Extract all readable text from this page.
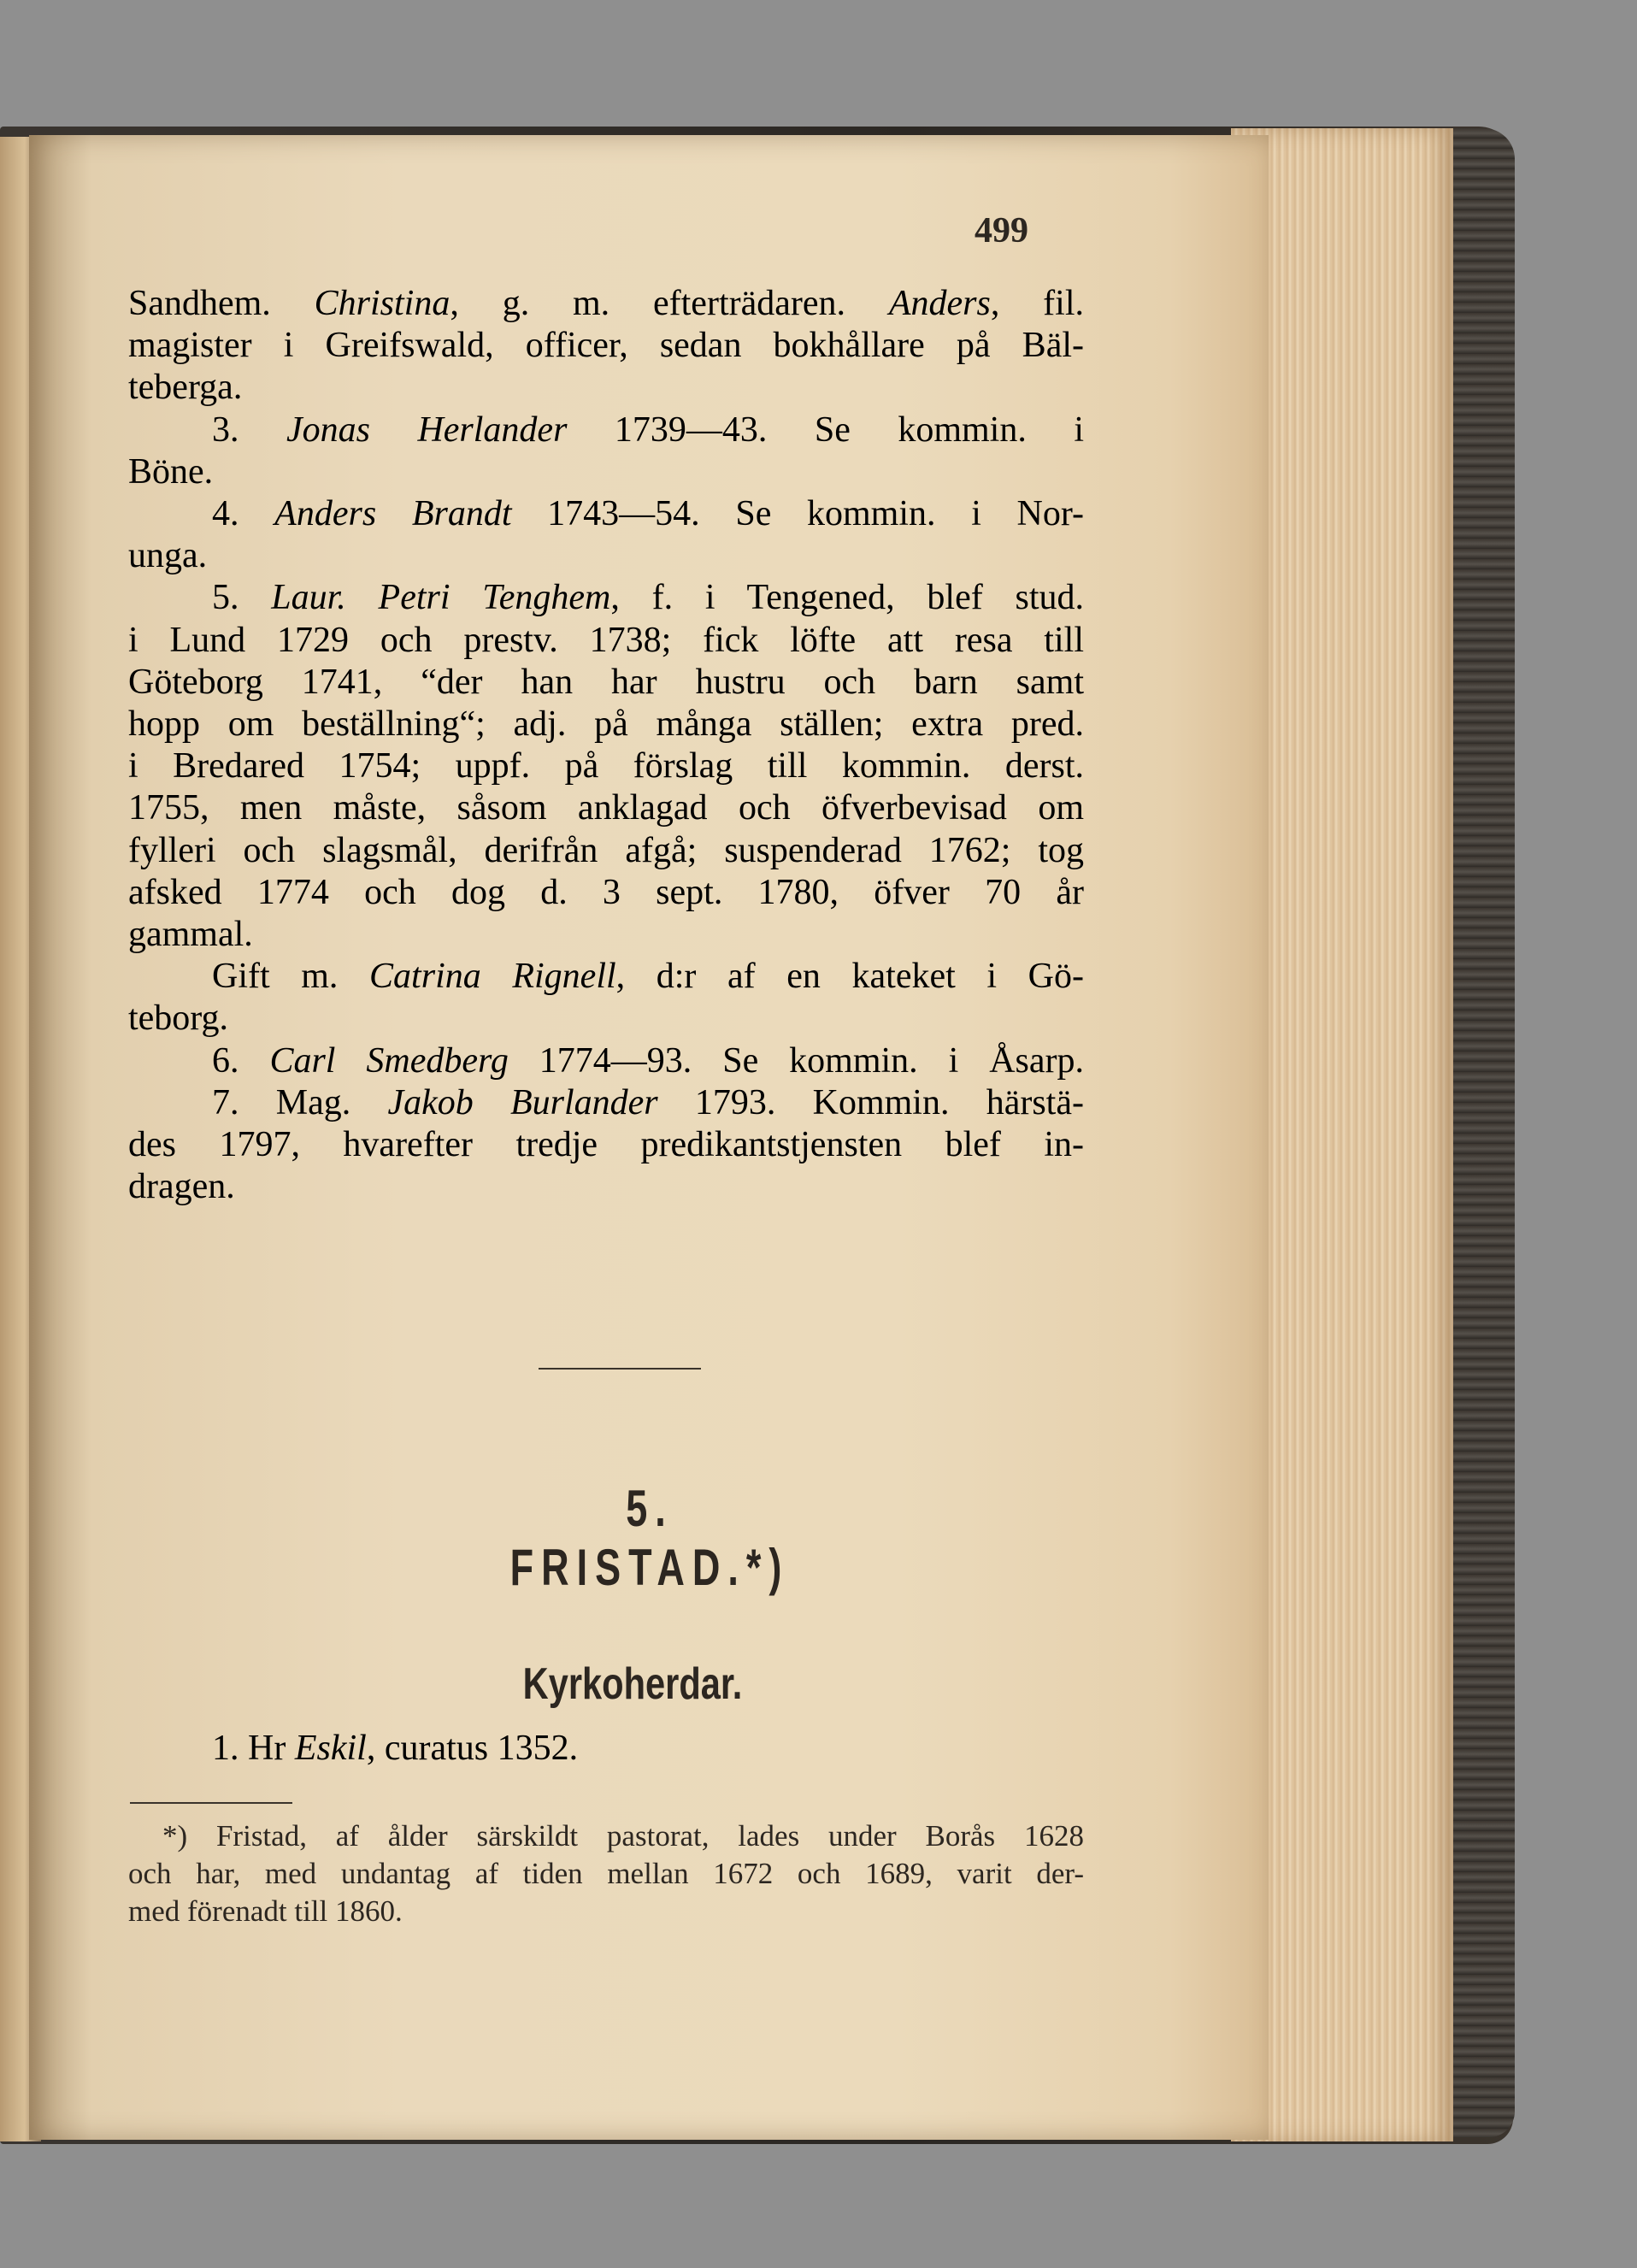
499
Sandhem. Christina, g. m. efterträdaren. Anders, fil.
magister i Greifswald, officer, sedan bokhållare på Bäl-
teberga.
3. Jonas Herlander 1739—43. Se kommin. i
Böne.
4. Anders Brandt 1743—54. Se kommin. i Nor-
unga.
5. Laur. Petri Tenghem, f. i Tengened, blef stud.
i Lund 1729 och prestv. 1738; fick löfte att resa till
Göteborg 1741, “der han har hustru och barn samt
hopp om beställning“; adj. på många ställen; extra pred.
i Bredared 1754; uppf. på förslag till kommin. derst.
1755, men måste, såsom anklagad och öfverbevisad om
fylleri och slagsmål, derifrån afgå; suspenderad 1762; tog
afsked 1774 och dog d. 3 sept. 1780, öfver 70 år
gammal.
Gift m. Catrina Rignell, d:r af en kateket i Gö-
teborg.
6. Carl Smedberg 1774—93. Se kommin. i Åsarp.
7. Mag. Jakob Burlander 1793. Kommin. härstä-
des 1797, hvarefter tredje predikantstjensten blef in-
dragen.
5. FRISTAD.*)
Kyrkoherdar.
1. Hr Eskil, curatus 1352.
*) Fristad, af ålder särskildt pastorat, lades under Borås 1628
och har, med undantag af tiden mellan 1672 och 1689, varit der-
med förenadt till 1860.
